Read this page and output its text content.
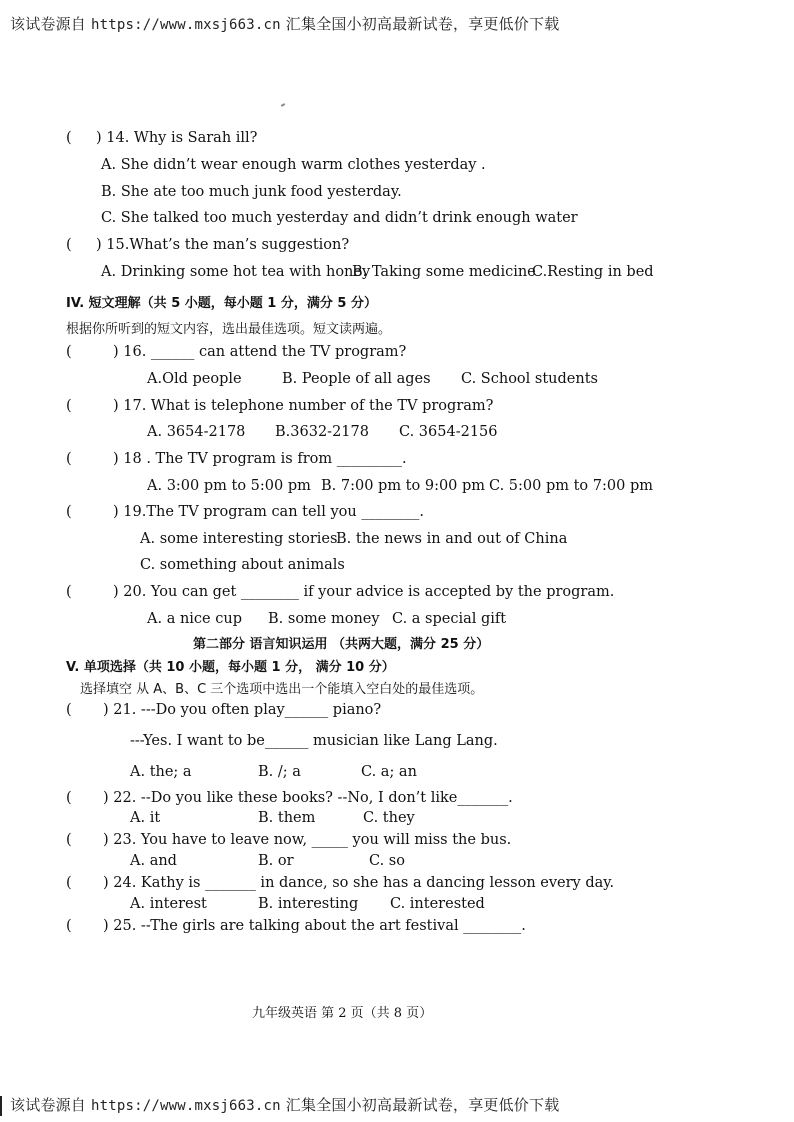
该试卷源自 https://www.mxsj663.cn 汇集全国小初高最新试卷，享更低价下载
( ) 14. Why is Sarah ill?
A. She didn’t wear enough warm clothes yesterday .
B. She ate too much junk food yesterday.
C. She talked too much yesterday and didn’t drink enough water
( ) 15.What’s the man’s suggestion?
A. Drinking some hot tea with honey
B. Taking some medicine
C.Resting in bed
IV. 短文理解（共 5 小题，每小题 1 分，满分 5 分）
根据你所听到的短文内容，选出最佳选项。短文读两遍。
(	) 16. ______ can attend the TV program?
A.Old people	B. People of all ages C. School students
(	) 17. What is telephone number of the TV program?
A. 3654-2178 B.3632-2178 C. 3654-2156
(	) 18 . The TV program is from _________.
A. 3:00 pm to 5:00 pm B. 7:00 pm to 9:00 pm C. 5:00 pm to 7:00 pm
(	) 19.The TV program can tell you ________.
A. some interesting stories
B. the news in and out of China
C. something about animals
(	) 20. You can get ________ if your advice is accepted by the program.
A. a nice cup B. some money C. a special gift
第二部分 语言知识运用 （共两大题，满分 25 分）
V. 单项选择（共 10 小题，每小题 1 分， 满分 10 分）
选择填空 从 A、B、C 三个选项中选出一个能填入空白处的最佳选项。
( ) 21. ---Do you often play______ piano?
---Yes. I want to be______ musician like Lang Lang.
A. the; a	B. /; a	C. a; an
( ) 22. --Do you like these books? --No, I don’t like_______.
A. it	B. them	C. they
( ) 23. You have to leave now, _____ you will miss the bus.
A. and	B. or	C. so
( ) 24. Kathy is _______ in dance, so she has a dancing lesson every day.
A. interest	B. interesting C. interested
( ) 25. --The girls are talking about the art festival ________.
九年级英语 第 2 页（共 8 页）
该试卷源自 https://www.mxsj663.cn 汇集全国小初高最新试卷，享更低价下载
